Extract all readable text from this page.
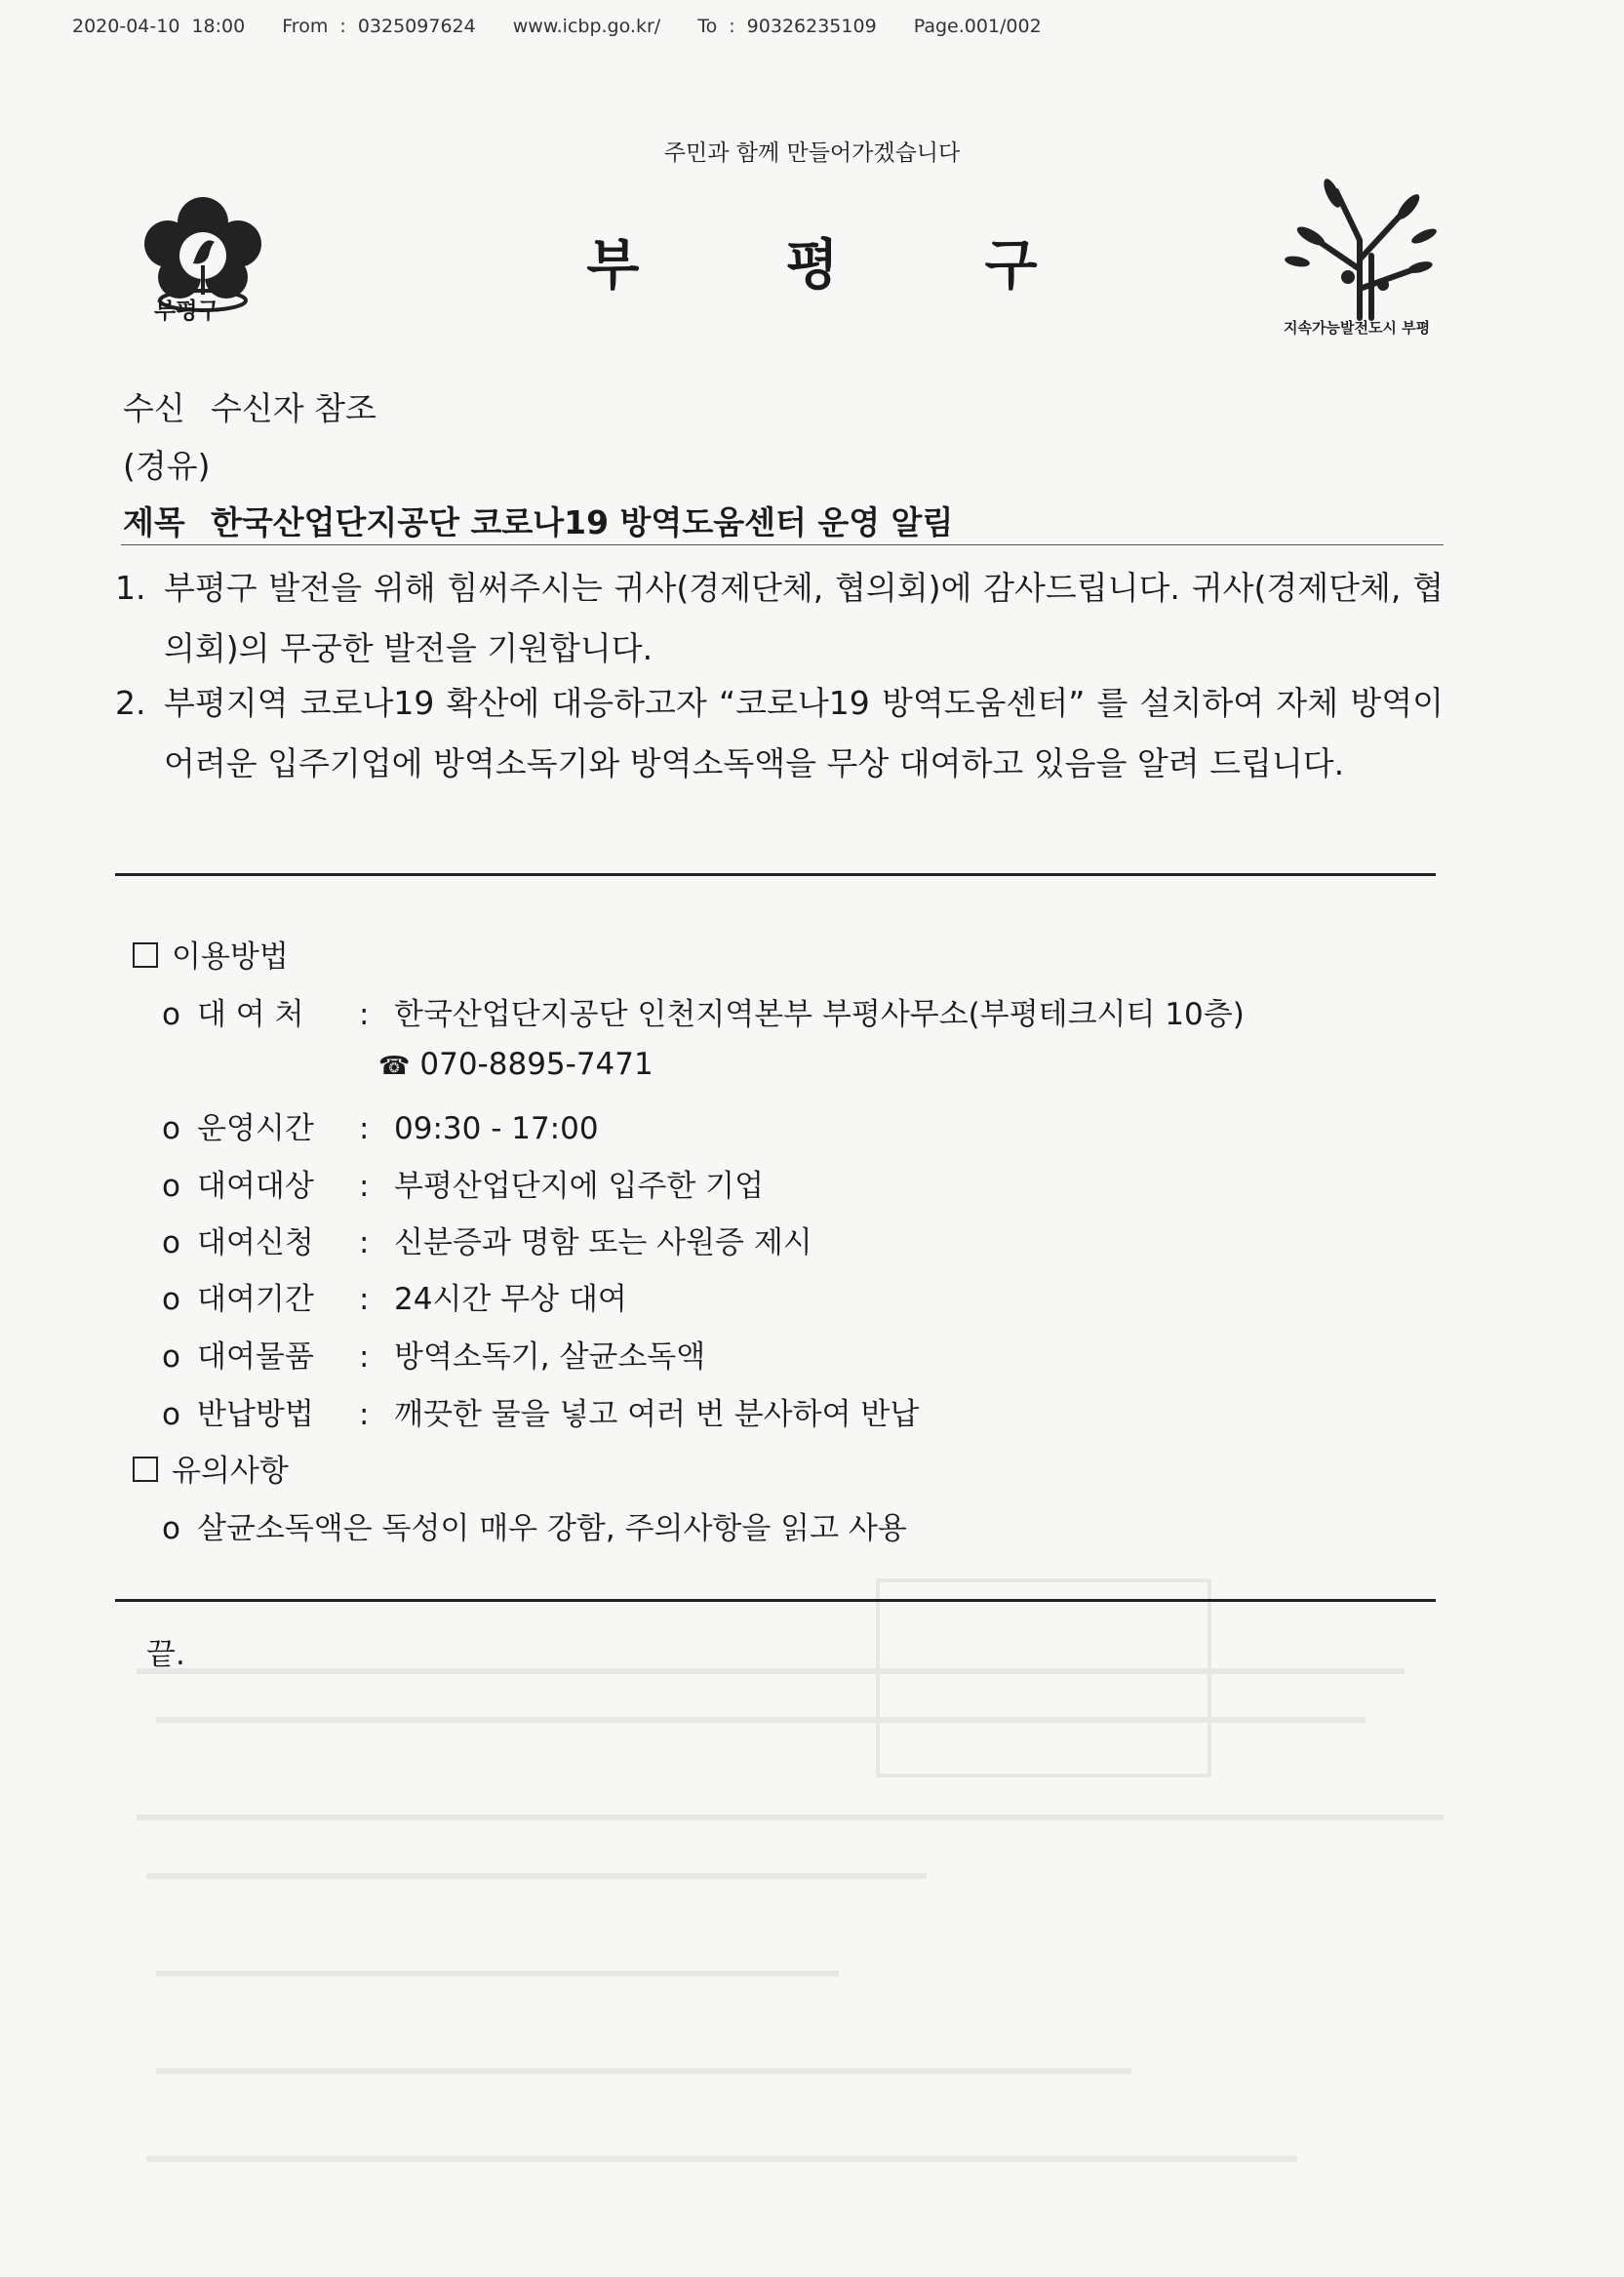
2020-04-10 18:00 From : 0325097624 www.icbp.go.kr/ To : 90326235109 Page.001/002
주민과 함께 만들어가겠습니다
부평구
부평구
지속가능발전도시 부평
수신 수신자 참조
(경유)
제목 한국산업단지공단 코로나19 방역도움센터 운영 알림
1. 부평구 발전을 위해 힘써주시는 귀사(경제단체, 협의회)에 감사드립니다. 귀사(경제단체, 협의회)의 무궁한 발전을 기원합니다.
2. 부평지역 코로나19 확산에 대응하고자 “코로나19 방역도움센터” 를 설치하여 자체 방역이 어려운 입주기업에 방역소독기와 방역소독액을 무상 대여하고 있음을 알려 드립니다.
이용방법
o 대 여 처 : 한국산업단지공단 인천지역본부 부평사무소(부평테크시티 10층)
☎ 070-8895-7471
o 운영시간 : 09:30 - 17:00
o 대여대상 : 부평산업단지에 입주한 기업
o 대여신청 : 신분증과 명함 또는 사원증 제시
o 대여기간 : 24시간 무상 대여
o 대여물품 : 방역소독기, 살균소독액
o 반납방법 : 깨끗한 물을 넣고 여러 번 분사하여 반납
유의사항
o 살균소독액은 독성이 매우 강함, 주의사항을 읽고 사용
끝.
